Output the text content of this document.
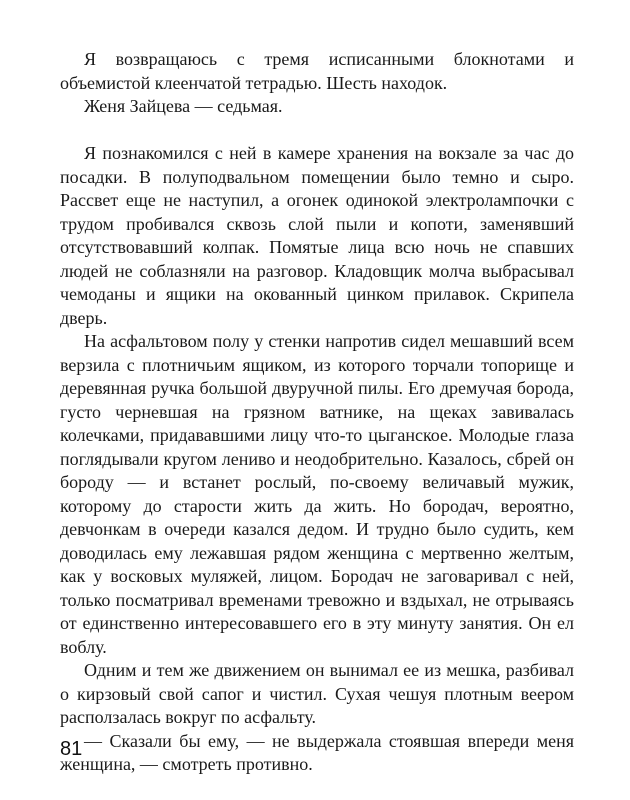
Я возвращаюсь с тремя исписанными блокнотами и объемистой клеенчатой тетрадью. Шесть находок.

Женя Зайцева — седьмая.

Я познакомился с ней в камере хранения на вокзале за час до посадки. В полуподвальном помещении было темно и сыро. Рассвет еще не наступил, а огонек одинокой электролампочки с трудом пробивался сквозь слой пыли и копоти, заменявший отсутствовавший колпак. Помятые лица всю ночь не спавших людей не соблазняли на разговор. Кладовщик молча выбрасывал чемоданы и ящики на окованный цинком прилавок. Скрипела дверь.

На асфальтовом полу у стенки напротив сидел мешавший всем верзила с плотничьим ящиком, из которого торчали топорище и деревянная ручка большой двуручной пилы. Его дремучая борода, густо черневшая на грязном ватнике, на щеках завивалась колечками, придававшими лицу что-то цыганское. Молодые глаза поглядывали кругом лениво и неодобрительно. Казалось, сбрей он бороду — и встанет рослый, по-своему величавый мужик, которому до старости жить да жить. Но бородач, вероятно, девчонкам в очереди казался дедом. И трудно было судить, кем доводилась ему лежавшая рядом женщина с мертвенно желтым, как у восковых муляжей, лицом. Бородач не заговаривал с ней, только посматривал временами тревожно и вздыхал, не отрываясь от единственно интересовавшего его в эту минуту занятия. Он ел воблу.

Одним и тем же движением он вынимал ее из мешка, разбивал о кирзовый свой сапог и чистил. Сухая чешуя плотным веером расползалась вокруг по асфальту.

— Сказали бы ему, — не выдержала стоявшая впереди меня женщина, — смотреть противно.

81
